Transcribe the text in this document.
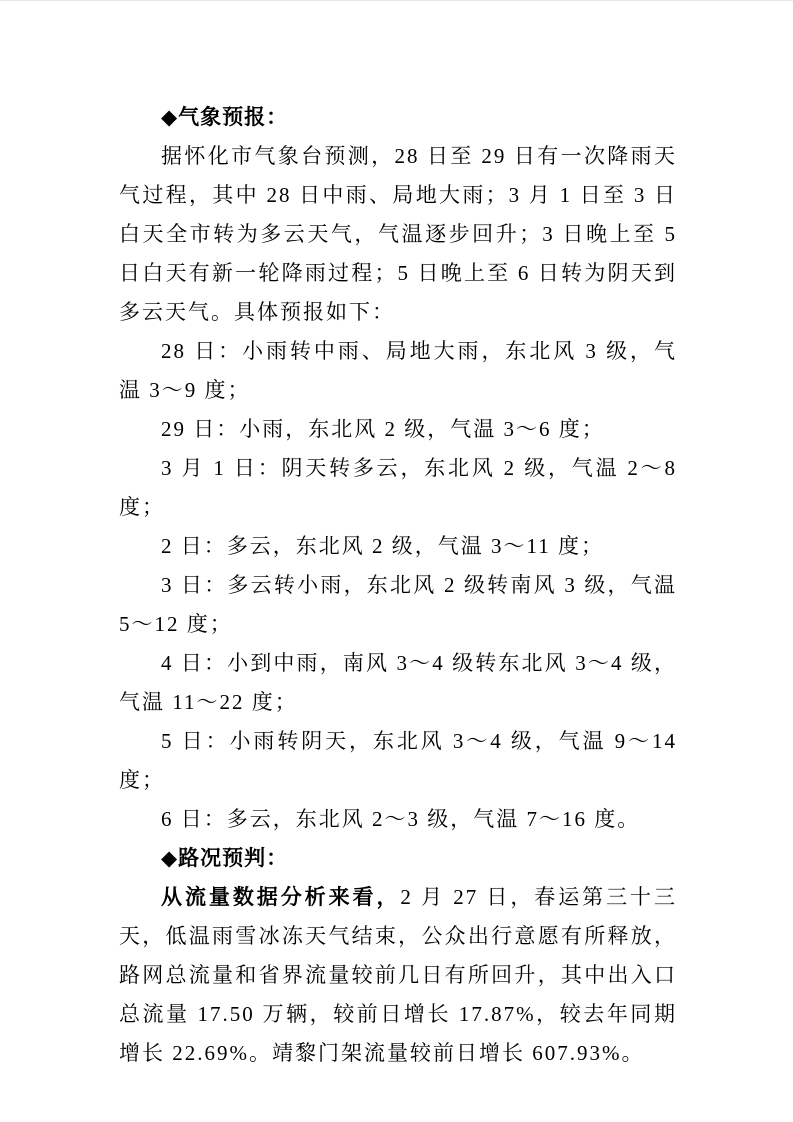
◆气象预报：

据怀化市气象台预测，28 日至 29 日有一次降雨天气过程，其中 28 日中雨、局地大雨；3 月 1 日至 3 日白天全市转为多云天气，气温逐步回升；3 日晚上至 5 日白天有新一轮降雨过程；5 日晚上至 6 日转为阴天到多云天气。具体预报如下：

28 日：小雨转中雨、局地大雨，东北风 3 级，气温 3～9 度；

29 日：小雨，东北风 2 级，气温 3～6 度；

3 月 1 日：阴天转多云，东北风 2 级，气温 2～8 度；

2 日：多云，东北风 2 级，气温 3～11 度；

3 日：多云转小雨，东北风 2 级转南风 3 级，气温 5～12 度；

4 日：小到中雨，南风 3～4 级转东北风 3～4 级，气温 11～22 度；

5 日：小雨转阴天，东北风 3～4 级，气温 9～14 度；

6 日：多云，东北风 2～3 级，气温 7～16 度。

◆路况预判：

从流量数据分析来看，2 月 27 日，春运第三十三天，低温雨雪冰冻天气结束，公众出行意愿有所释放，路网总流量和省界流量较前几日有所回升，其中出入口总流量 17.50 万辆，较前日增长 17.87%，较去年同期增长 22.69%。靖黎门架流量较前日增长 607.93%。
